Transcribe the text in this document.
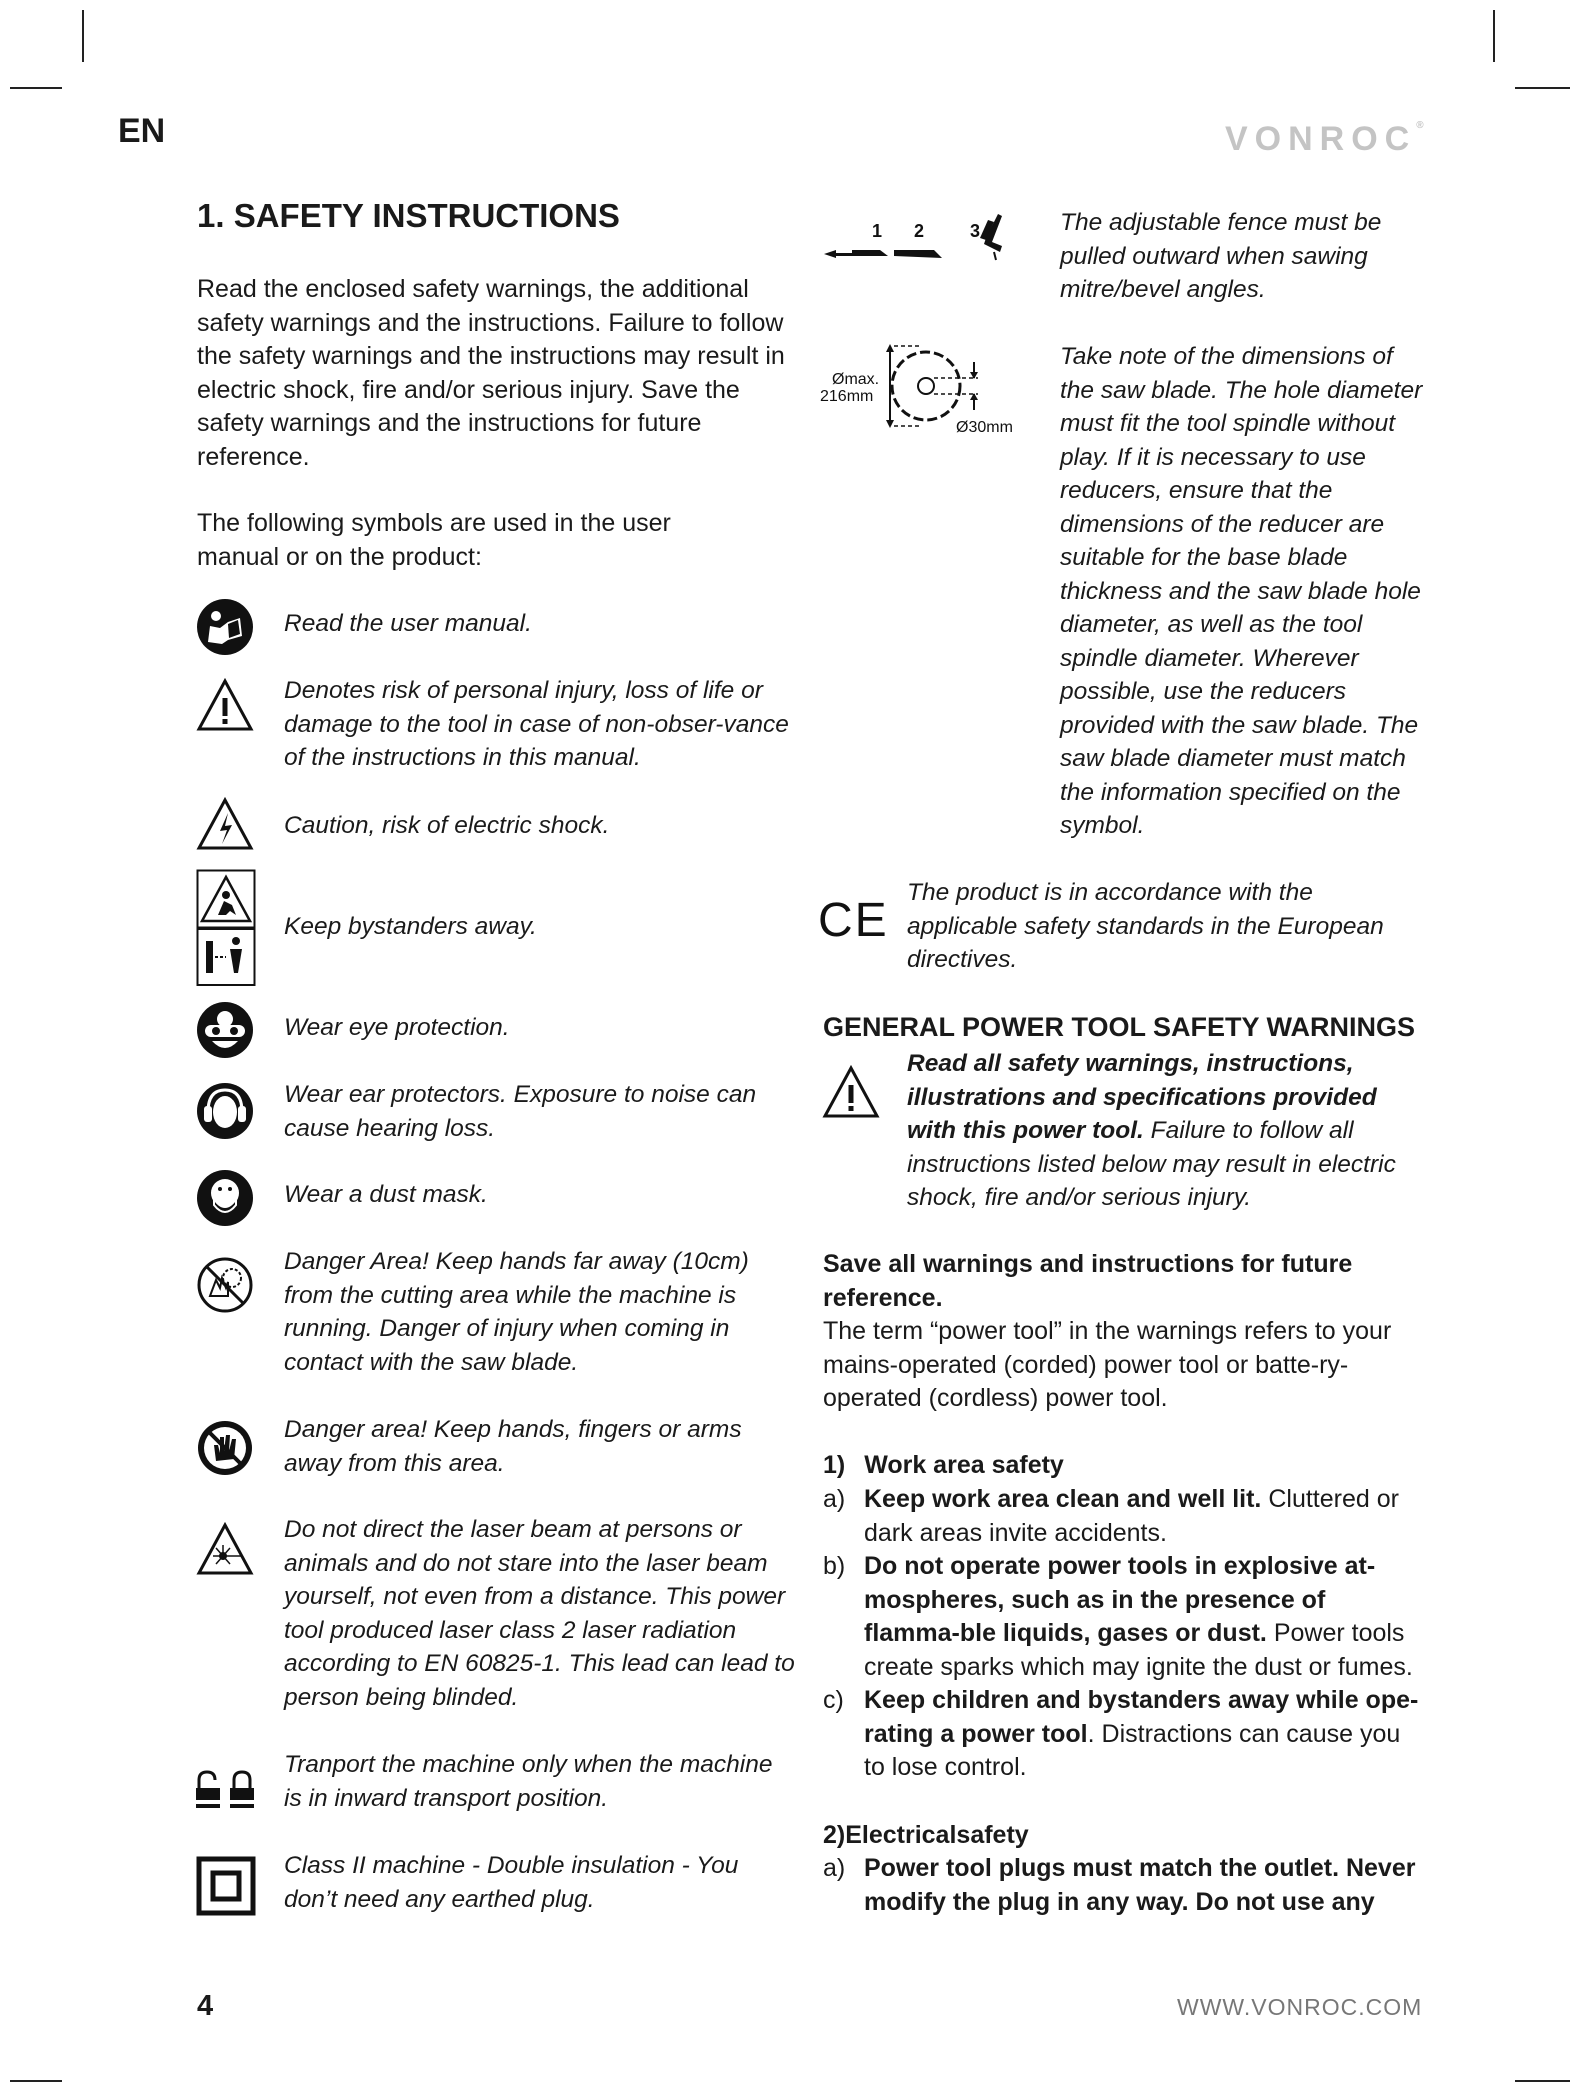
EN	VONROC®
1. SAFETY INSTRUCTIONS
Read the enclosed safety warnings, the additional safety warnings and the instructions. Failure to follow the safety warnings and the instructions may result in electric shock, fire and/or serious injury. Save the safety warnings and the instructions for future reference.
The following symbols are used in the user manual or on the product:
Read the user manual.
Denotes risk of personal injury, loss of life or damage to the tool in case of non-obser-vance of the instructions in this manual.
Caution, risk of electric shock.
Keep bystanders away.
Wear eye protection.
Wear ear protectors. Exposure to noise can cause hearing loss.
Wear a dust mask.
Danger Area! Keep hands far away (10cm) from the cutting area while the machine is running. Danger of injury when coming in contact with the saw blade.
Danger area! Keep hands, fingers or arms away from this area.
Do not direct the laser beam at persons or animals and do not stare into the laser beam yourself, not even from a distance. This power tool produced laser class 2 laser radiation according to EN 60825-1. This lead can lead to person being blinded.
Tranport the machine only when the machine is in inward transport position.
Class II machine - Double insulation - You don’t need any earthed plug.
1 2	3	The adjustable fence must be pulled outward when sawing mitre/bevel angles.
Ømax.
216mm
Ø30mm
Take note of the dimensions of the saw blade. The hole diameter must fit the tool spindle without play. If it is necessary to use reducers, ensure that the dimensions of the reducer are suitable for the base blade thickness and the saw blade hole diameter, as well as the tool spindle diameter. Wherever possible, use the reducers provided with the saw blade. The saw blade diameter must match the information specified on the symbol.
CE
The product is in accordance with the applicable safety standards in the European directives.
GENERAL POWER TOOL SAFETY WARNINGS
Read all safety warnings, instructions, illustrations and specifications provided with this power tool. Failure to follow all instructions listed below may result in electric shock, fire and/or serious injury.
Save all warnings and instructions for future reference.
The term “power tool” in the warnings refers to your mains-operated (corded) power tool or batte-ry-operated (cordless) power tool.
1) Work area safety
a) Keep work area clean and well lit. Cluttered or dark areas invite accidents.
b) Do not operate power tools in explosive at-mospheres, such as in the presence of flamma-ble liquids, gases or dust. Power tools create sparks which may ignite the dust or fumes.
c) Keep children and bystanders away while ope-rating a power tool. Distractions can cause you to lose control.
2)Electricalsafety
a) Power tool plugs must match the outlet. Never modify the plug in any way. Do not use any
4	WWW.VONROC.COM
